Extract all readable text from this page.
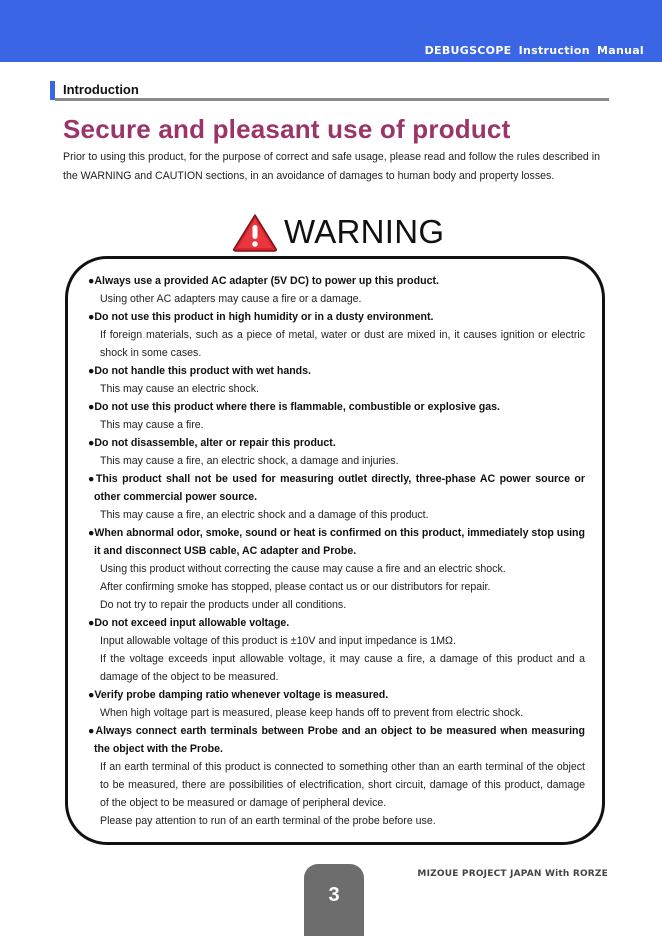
DEBUGSCOPE Instruction Manual
Introduction
Secure and pleasant use of product

Prior to using this product, for the purpose of correct and safe usage, please read and follow the rules described in the WARNING and CAUTION sections, in an avoidance of damages to human body and property losses.

WARNING
●Always use a provided AC adapter (5V DC) to power up this product.
Using other AC adapters may cause a fire or a damage.
●Do not use this product in high humidity or in a dusty environment.
If foreign materials, such as a piece of metal, water or dust are mixed in, it causes ignition or electric shock in some cases.
●Do not handle this product with wet hands.
This may cause an electric shock.
●Do not use this product where there is flammable, combustible or explosive gas.
This may cause a fire.
●Do not disassemble, alter or repair this product.
This may cause a fire, an electric shock, a damage and injuries.
●This product shall not be used for measuring outlet directly, three-phase AC power source or other commercial power source.
This may cause a fire, an electric shock and a damage of this product.
●When abnormal odor, smoke, sound or heat is confirmed on this product, immediately stop using it and disconnect USB cable, AC adapter and Probe.
Using this product without correcting the cause may cause a fire and an electric shock.
After confirming smoke has stopped, please contact us or our distributors for repair.
Do not try to repair the products under all conditions.
●Do not exceed input allowable voltage.
Input allowable voltage of this product is ±10V and input impedance is 1MΩ.
If the voltage exceeds input allowable voltage, it may cause a fire, a damage of this product and a damage of the object to be measured.
●Verify probe damping ratio whenever voltage is measured.
When high voltage part is measured, please keep hands off to prevent from electric shock.
●Always connect earth terminals between Probe and an object to be measured when measuring the object with the Probe.
If an earth terminal of this product is connected to something other than an earth terminal of the object to be measured, there are possibilities of electrification, short circuit, damage of this product, damage of the object to be measured or damage of peripheral device.
Please pay attention to run of an earth terminal of the probe before use.
MIZOUE PROJECT JAPAN With RORZE
3
